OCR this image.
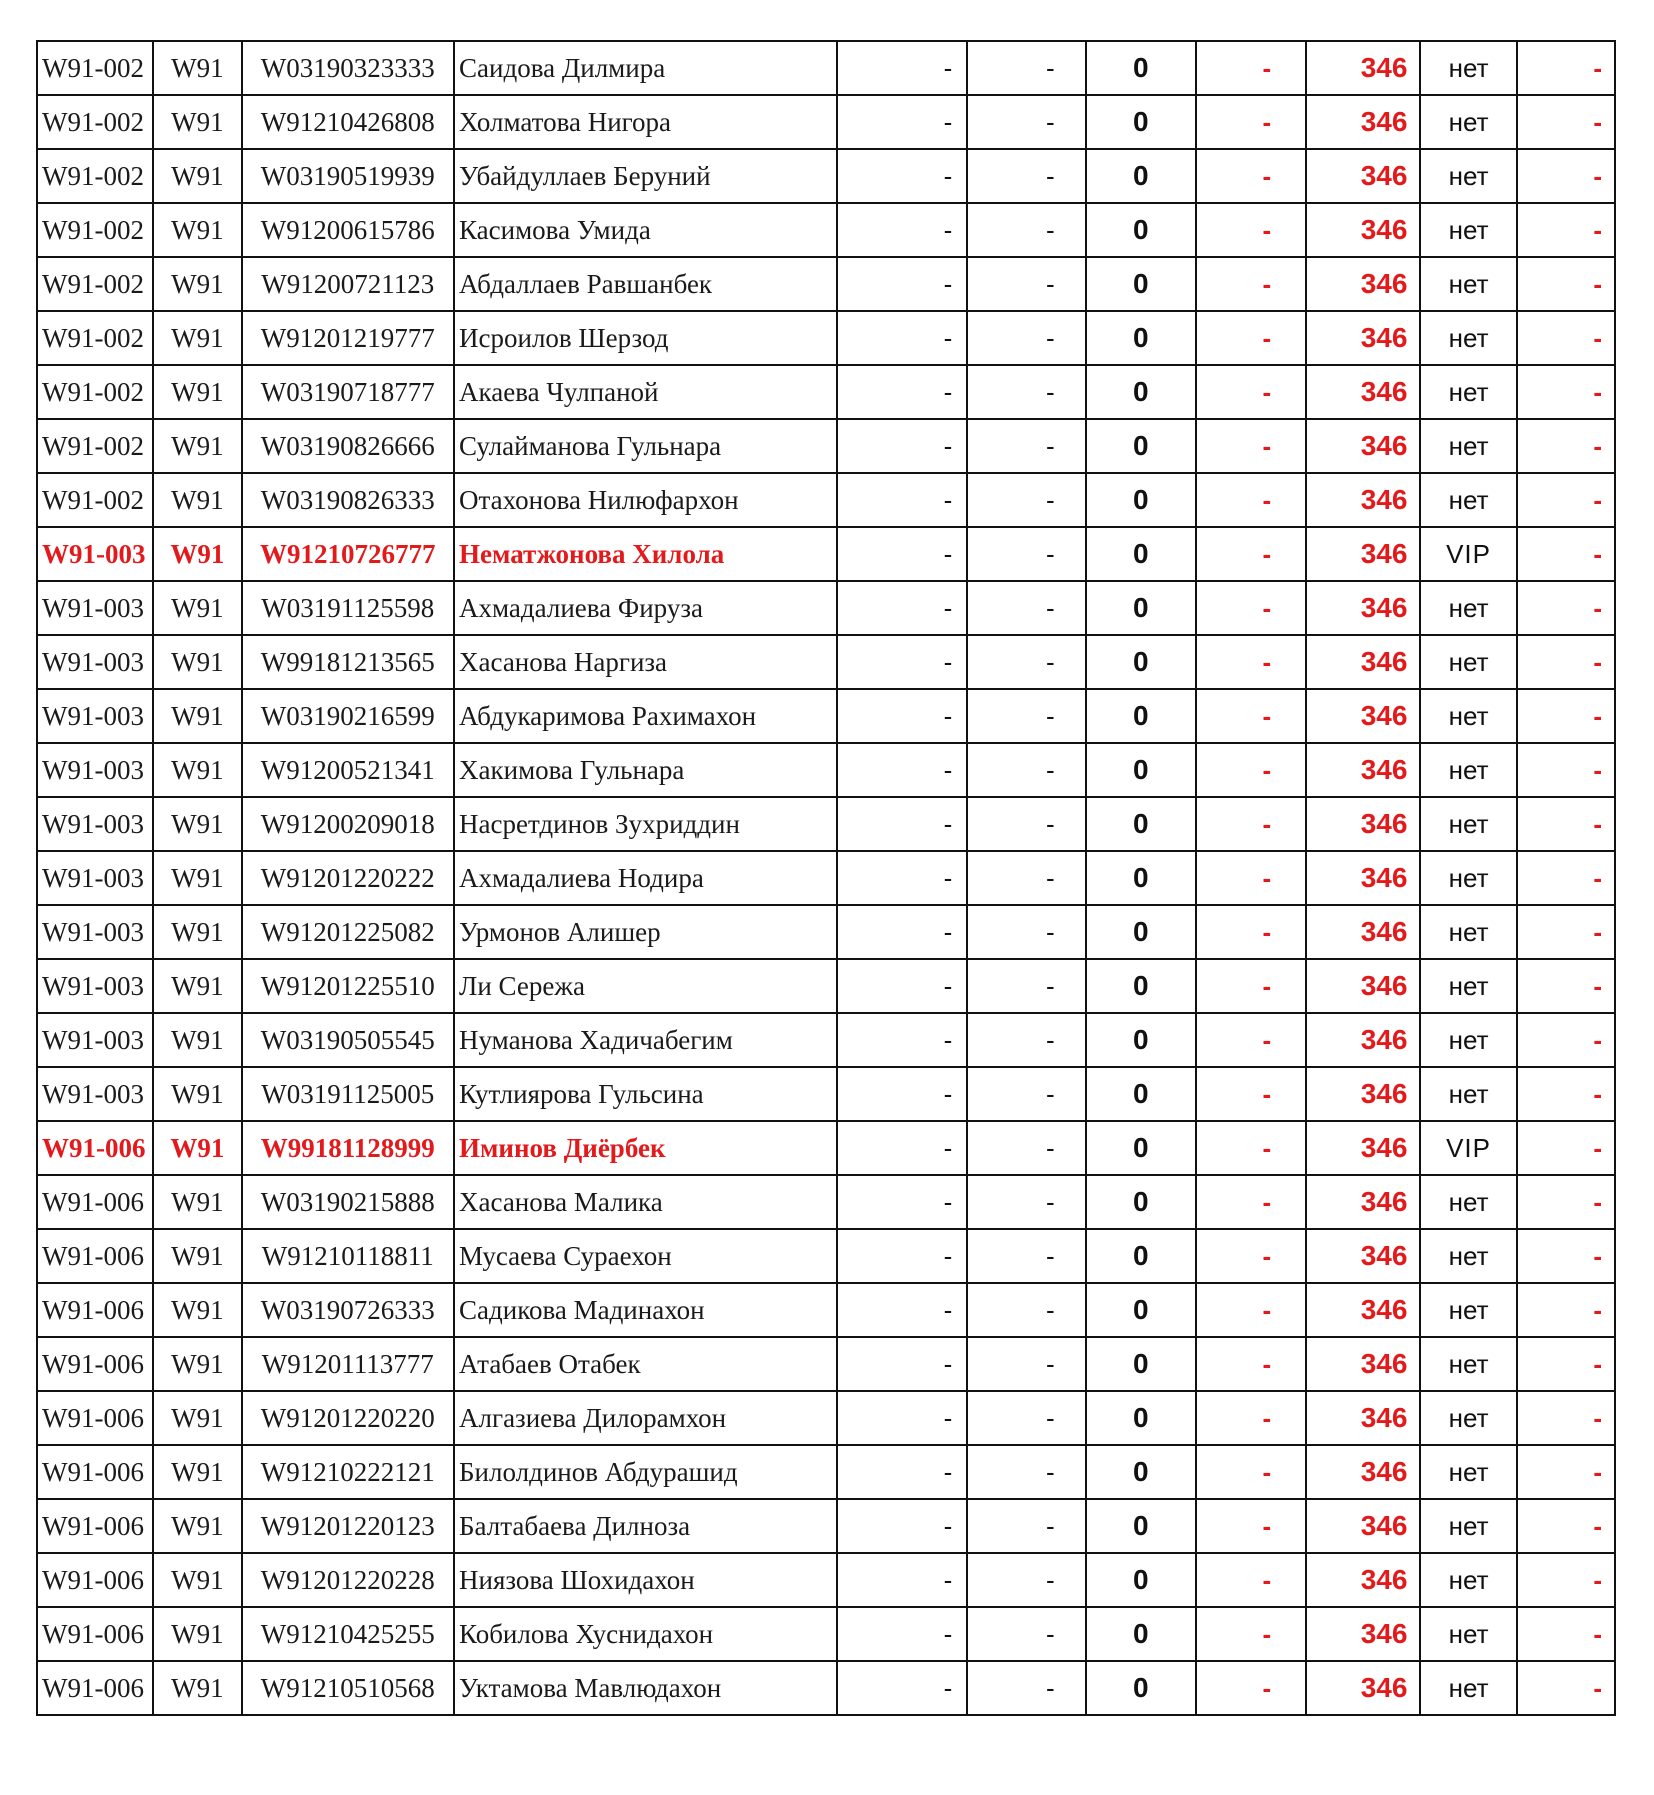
W91-002	W91	W03190323333	Саидова Дилмира	-	-	0	-	346	нет	-
W91-002	W91	W91210426808	Холматова Нигора	-	-	0	-	346	нет	-
W91-002	W91	W03190519939	Убайдуллаев Беруний	-	-	0	-	346	нет	-
W91-002	W91	W91200615786	Касимова Умида	-	-	0	-	346	нет	-
W91-002	W91	W91200721123	Абдаллаев Равшанбек	-	-	0	-	346	нет	-
W91-002	W91	W91201219777	Исроилов Шерзод	-	-	0	-	346	нет	-
W91-002	W91	W03190718777	Акаева Чулпаной	-	-	0	-	346	нет	-
W91-002	W91	W03190826666	Сулайманова Гульнара	-	-	0	-	346	нет	-
W91-002	W91	W03190826333	Отахонова Нилюфархон	-	-	0	-	346	нет	-
W91-003	W91	W91210726777	Нематжонова Хилола	-	-	0	-	346	VIP	-
W91-003	W91	W03191125598	Ахмадалиева Фируза	-	-	0	-	346	нет	-
W91-003	W91	W99181213565	Хасанова Наргиза	-	-	0	-	346	нет	-
W91-003	W91	W03190216599	Абдукаримова Рахимахон	-	-	0	-	346	нет	-
W91-003	W91	W91200521341	Хакимова Гульнара	-	-	0	-	346	нет	-
W91-003	W91	W91200209018	Насретдинов Зухриддин	-	-	0	-	346	нет	-
W91-003	W91	W91201220222	Ахмадалиева Нодира	-	-	0	-	346	нет	-
W91-003	W91	W91201225082	Урмонов Алишер	-	-	0	-	346	нет	-
W91-003	W91	W91201225510	Ли Сережа	-	-	0	-	346	нет	-
W91-003	W91	W03190505545	Нуманова Хадичабегим	-	-	0	-	346	нет	-
W91-003	W91	W03191125005	Кутлиярова Гульсина	-	-	0	-	346	нет	-
W91-006	W91	W99181128999	Иминов Диёрбек	-	-	0	-	346	VIP	-
W91-006	W91	W03190215888	Хасанова Малика	-	-	0	-	346	нет	-
W91-006	W91	W91210118811	Мусаева Сураехон	-	-	0	-	346	нет	-
W91-006	W91	W03190726333	Садикова Мадинахон	-	-	0	-	346	нет	-
W91-006	W91	W91201113777	Атабаев Отабек	-	-	0	-	346	нет	-
W91-006	W91	W91201220220	Алгазиева Дилорамхон	-	-	0	-	346	нет	-
W91-006	W91	W91210222121	Билолдинов Абдурашид	-	-	0	-	346	нет	-
W91-006	W91	W91201220123	Балтабаева Дилноза	-	-	0	-	346	нет	-
W91-006	W91	W91201220228	Ниязова Шохидахон	-	-	0	-	346	нет	-
W91-006	W91	W91210425255	Кобилова Хуснидахон	-	-	0	-	346	нет	-
W91-006	W91	W91210510568	Уктамова Мавлюдахон	-	-	0	-	346	нет	-
